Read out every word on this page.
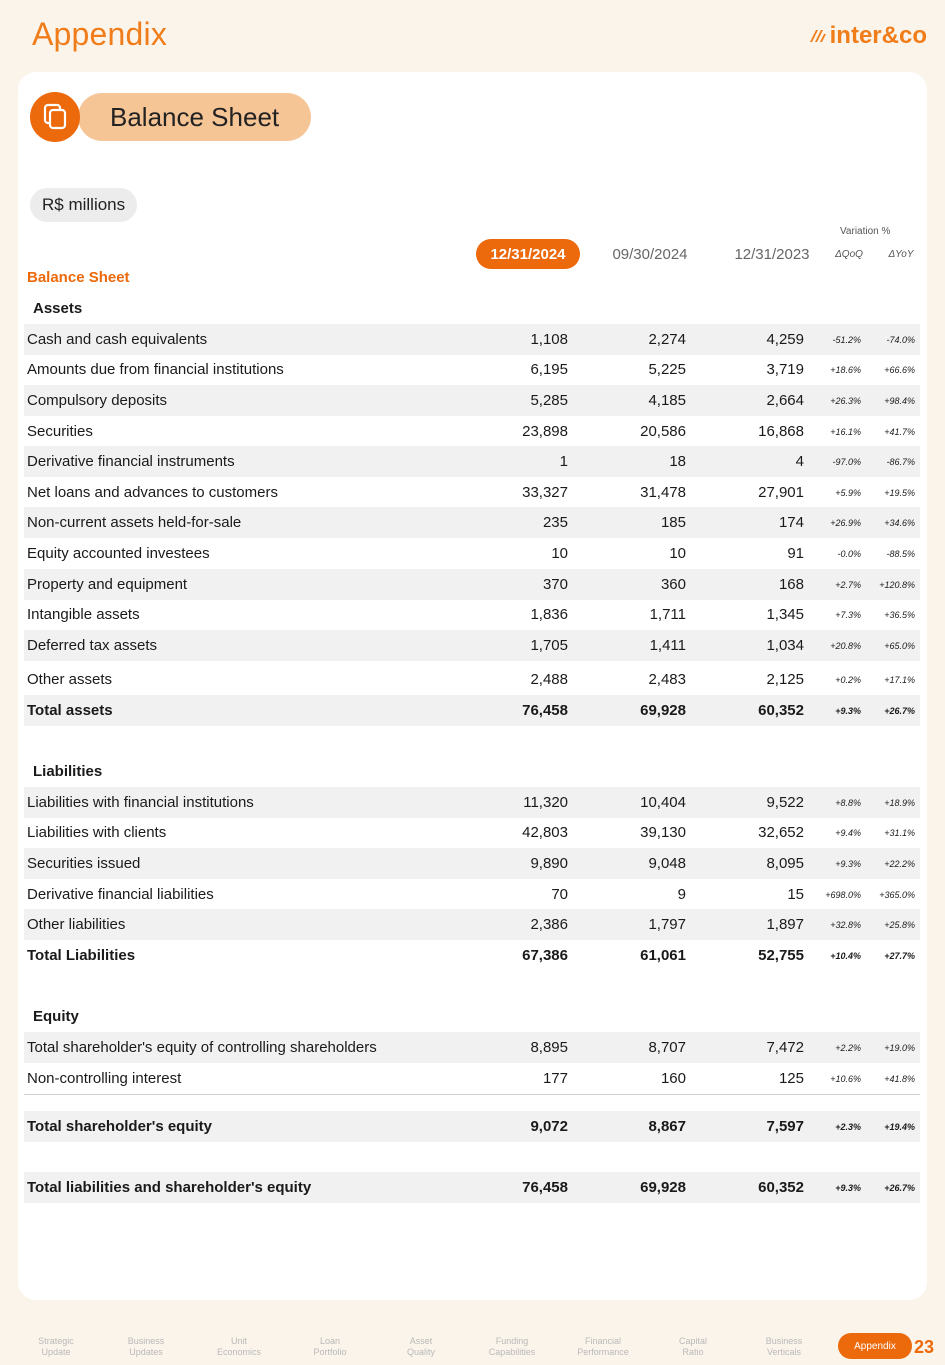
Appendix	inter&co
Balance Sheet
R$ millions
Variation %
12/31/2024	09/30/2024	12/31/2023	ΔQoQ	ΔYoY
Balance Sheet
Assets
Cash and cash equivalents	1,108	2,274	4,259	-51.2%	-74.0%
Amounts due from financial institutions	6,195	5,225	3,719	+18.6%	+66.6%
Compulsory deposits	5,285	4,185	2,664	+26.3%	+98.4%
Securities	23,898	20,586	16,868	+16.1%	+41.7%
Derivative financial instruments	1	18	4	-97.0%	-86.7%
Net loans and advances to customers	33,327	31,478	27,901	+5.9%	+19.5%
Non-current assets held-for-sale	235	185	174	+26.9%	+34.6%
Equity accounted investees	10	10	91	-0.0%	-88.5%
Property and equipment	370	360	168	+2.7% +120.8%
Intangible assets	1,836	1,711	1,345	+7.3%	+36.5%
Deferred tax assets	1,705	1,411	1,034	+20.8%	+65.0%
Other assets	2,488	2,483	2,125	+0.2%	+17.1%
Total assets	76,458	69,928	60,352	+9.3%	+26.7%
Liabilities
Liabilities with financial institutions	11,320	10,404	9,522	+8.8%	+18.9%
Liabilities with clients	42,803	39,130	32,652	+9.4%	+31.1%
Securities issued	9,890	9,048	8,095	+9.3%	+22.2%
Derivative financial liabilities	70	9	15 +698.0% +365.0%
Other liabilities	2,386	1,797	1,897	+32.8%	+25.8%
Total Liabilities	67,386	61,061	52,755	+10.4%	+27.7%
Equity
Total shareholder's equity of controlling shareholders	8,895	8,707	7,472	+2.2%	+19.0%
Non-controlling interest	177	160	125	+10.6%	+41.8%
Total shareholder's equity	9,072	8,867	7,597	+2.3%	+19.4%
Total liabilities and shareholder's equity	76,458	69,928	60,352	+9.3%	+26.7%
Appendix	23
Strategic
Update
Business
Updates
Unit
Economics
Loan
Portfolio
Asset
Quality
Funding
Capabilities
Financial
Performance
Capital
Ratio
Business
Verticals
